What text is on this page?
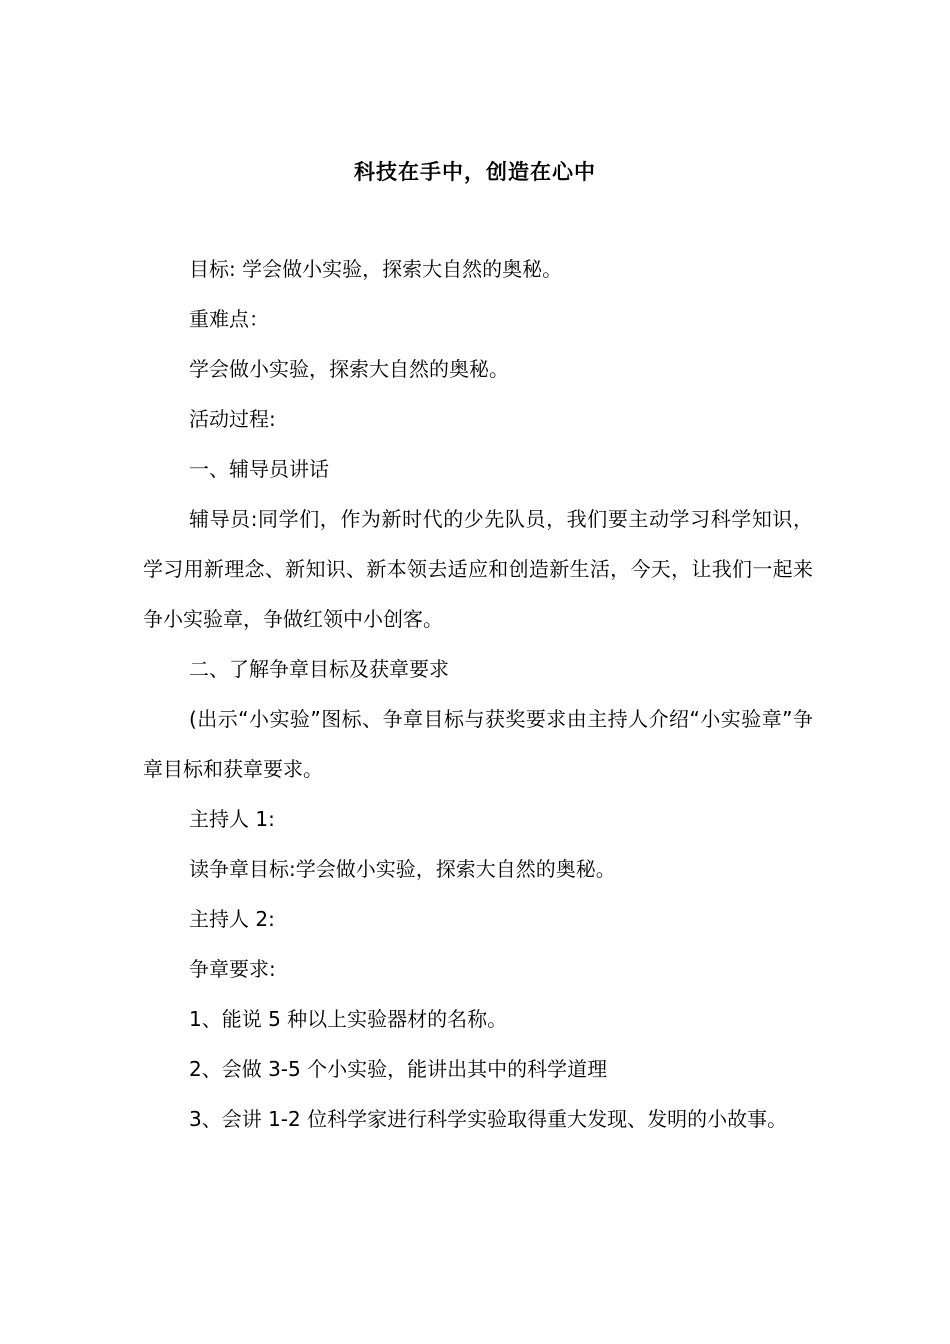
科技在手中，创造在心中

目标: 学会做小实验，探索大自然的奥秘。

重难点：

学会做小实验，探索大自然的奥秘。

活动过程:

一、辅导员讲话

辅导员:同学们，作为新时代的少先队员，我们要主动学习科学知识，学习用新理念、新知识、新本领去适应和创造新生活，今天，让我们一起来争小实验章，争做红领中小创客。

二、了解争章目标及获章要求

(出示“小实验”图标、争章目标与获奖要求由主持人介绍“小实验章”争章目标和获章要求。

主持人 1:

读争章目标:学会做小实验，探索大自然的奥秘。

主持人 2:

争章要求:

1、能说 5 种以上实验器材的名称。

2、会做 3-5 个小实验，能讲出其中的科学道理

3、会讲 1-2 位科学家进行科学实验取得重大发现、发明的小故事。
